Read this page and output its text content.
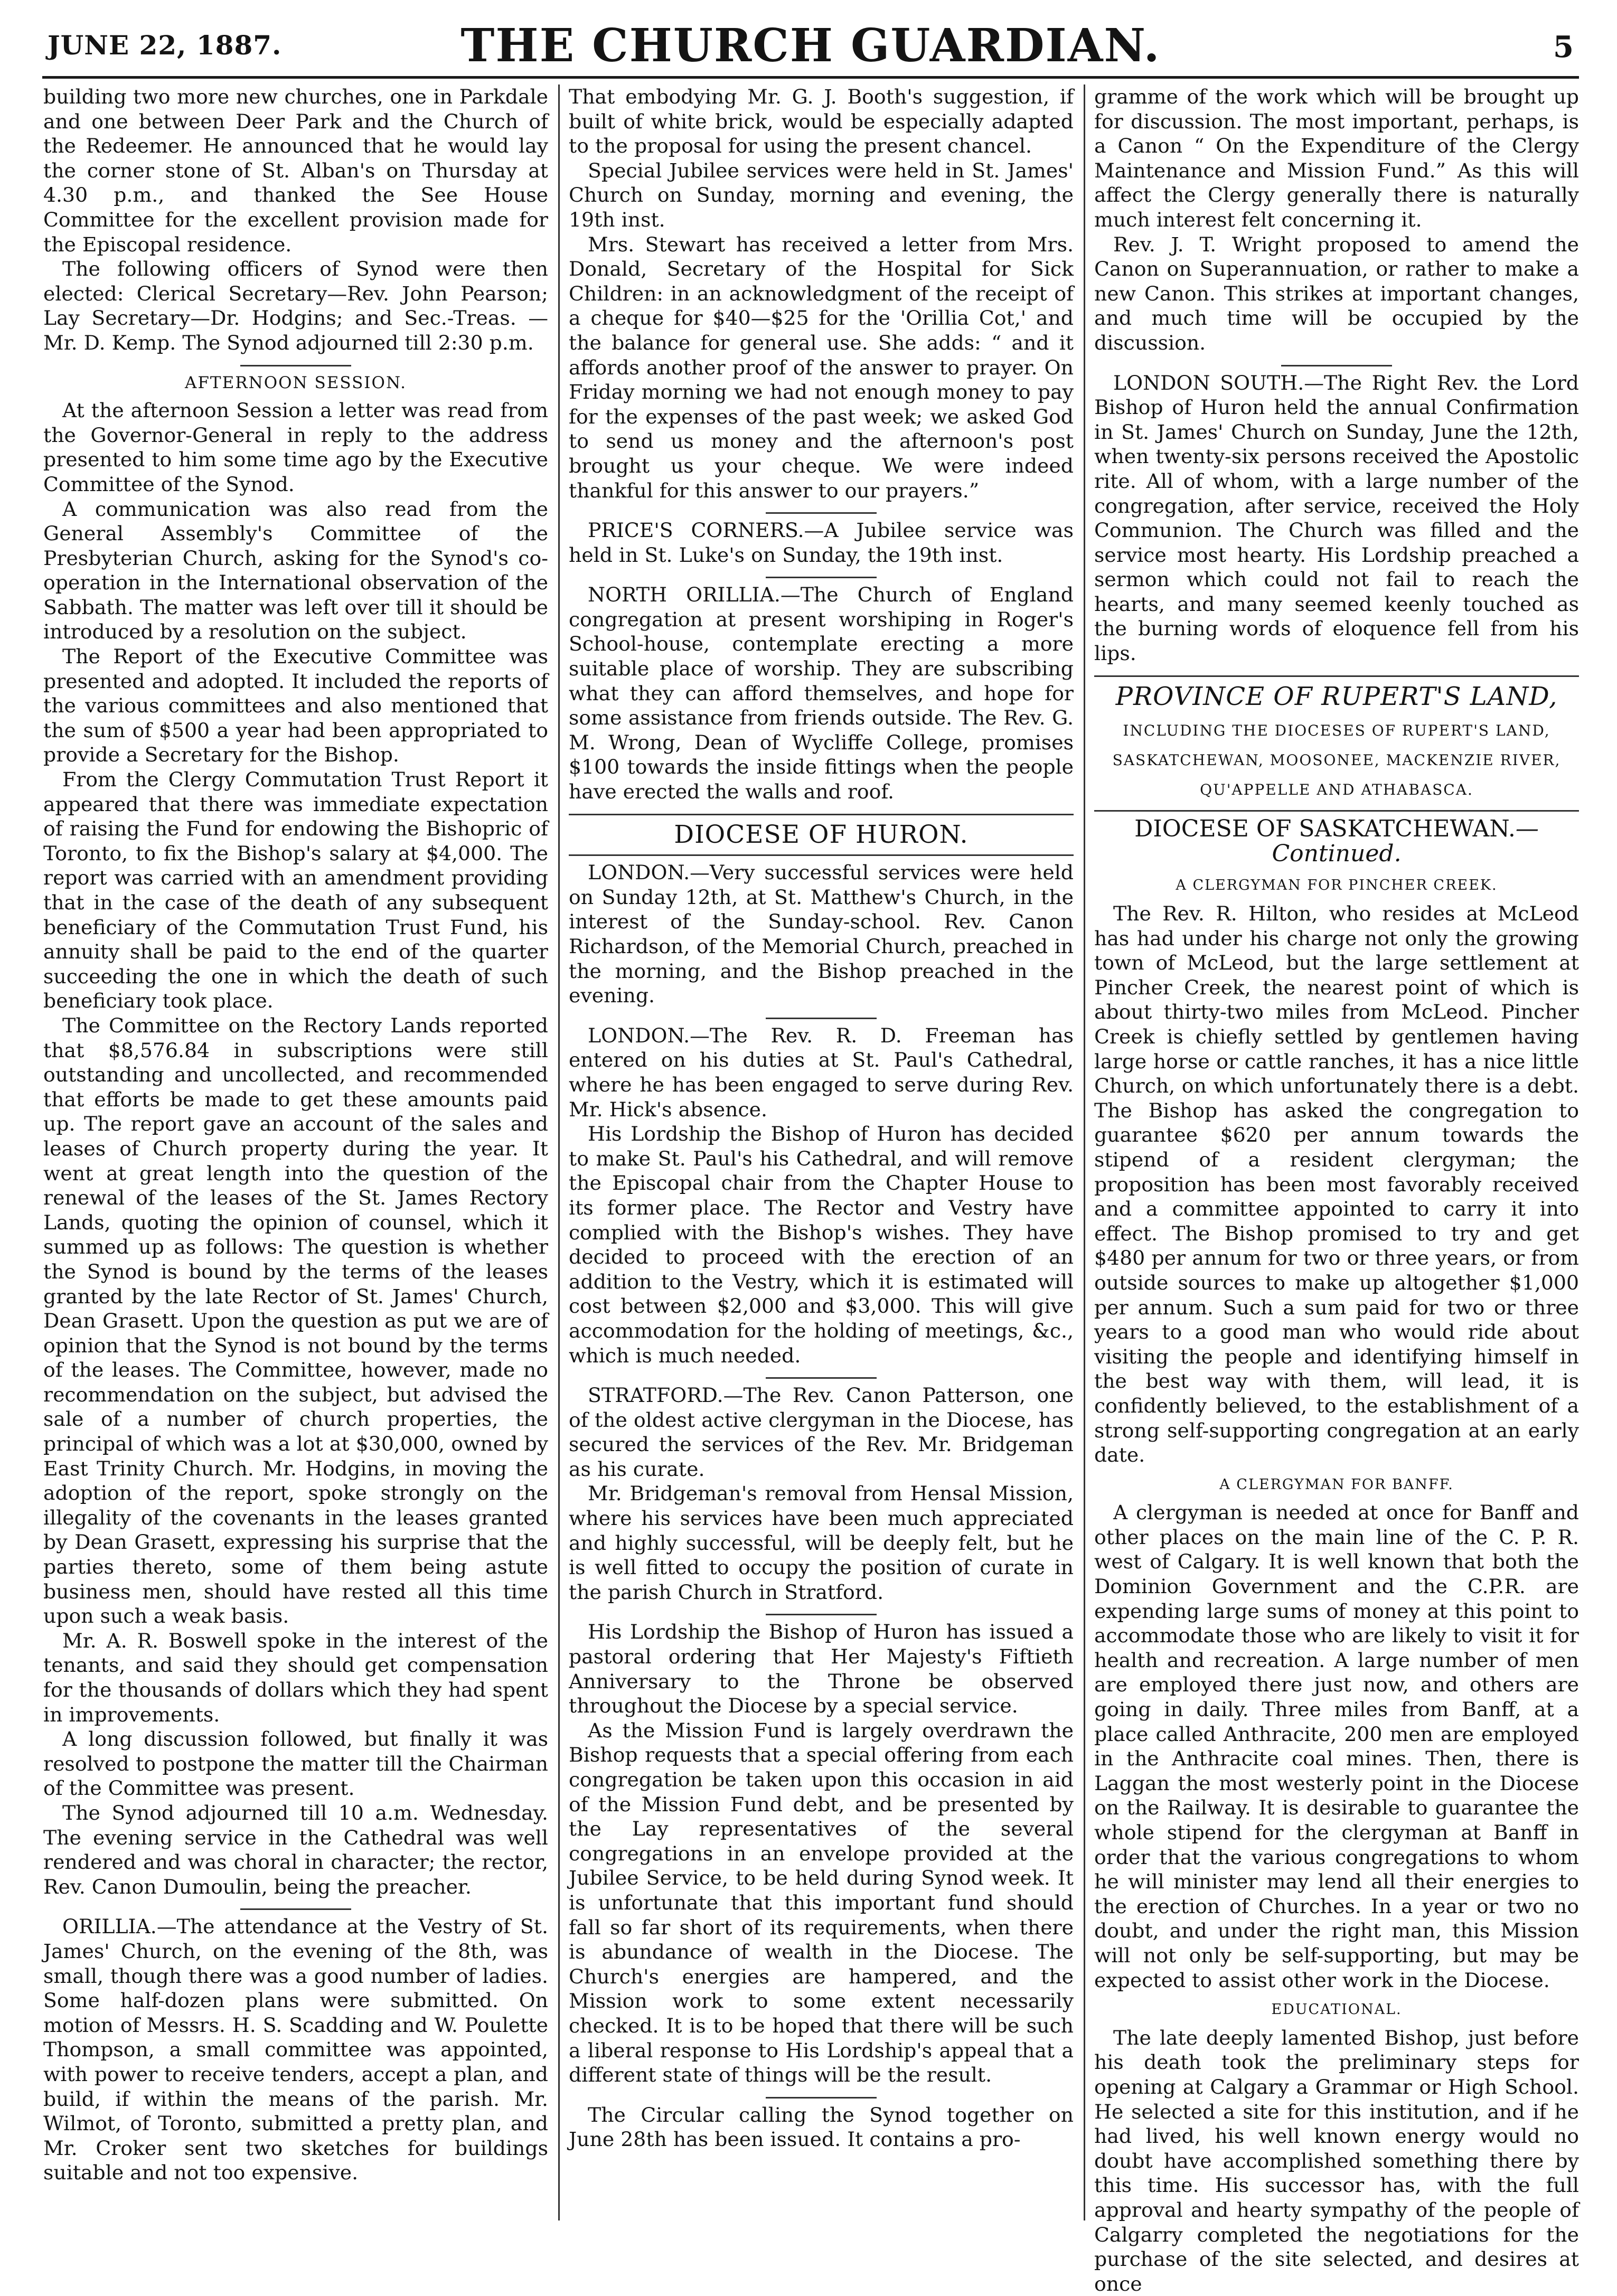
JUNE 22, 1887.	THE CHURCH GUARDIAN.	5

building two more new churches, one in Parkdale and one between Deer Park and the Church of the Redeemer. He announced that he would lay the corner stone of St. Alban's on Thursday at 4.30 p.m., and thanked the See House Committee for the excellent provision made for the Episcopal residence.

The following officers of Synod were then elected: Clerical Secretary—Rev. John Pearson; Lay Secretary—Dr. Hodgins; and Sec.-Treas. —Mr. D. Kemp. The Synod adjourned till 2:30 p.m.

AFTERNOON SESSION.

At the afternoon Session a letter was read from the Governor-General in reply to the address presented to him some time ago by the Executive Committee of the Synod.

A communication was also read from the General Assembly's Committee of the Presbyterian Church, asking for the Synod's co-operation in the International observation of the Sabbath. The matter was left over till it should be introduced by a resolution on the subject.

The Report of the Executive Committee was presented and adopted. It included the reports of the various committees and also mentioned that the sum of $500 a year had been appropriated to provide a Secretary for the Bishop.

From the Clergy Commutation Trust Report it appeared that there was immediate expectation of raising the Fund for endowing the Bishopric of Toronto, to fix the Bishop's salary at $4,000. The report was carried with an amendment providing that in the case of the death of any subsequent beneficiary of the Commutation Trust Fund, his annuity shall be paid to the end of the quarter succeeding the one in which the death of such beneficiary took place.

The Committee on the Rectory Lands reported that $8,576.84 in subscriptions were still outstanding and uncollected, and recommended that efforts be made to get these amounts paid up. The report gave an account of the sales and leases of Church property during the year. It went at great length into the question of the renewal of the leases of the St. James Rectory Lands, quoting the opinion of counsel, which it summed up as follows: The question is whether the Synod is bound by the terms of the leases granted by the late Rector of St. James' Church, Dean Grasett. Upon the question as put we are of opinion that the Synod is not bound by the terms of the leases. The Committee, however, made no recommendation on the subject, but advised the sale of a number of church properties, the principal of which was a lot at $30,000, owned by East Trinity Church. Mr. Hodgins, in moving the adoption of the report, spoke strongly on the illegality of the covenants in the leases granted by Dean Grasett, expressing his surprise that the parties thereto, some of them being astute business men, should have rested all this time upon such a weak basis.

Mr. A. R. Boswell spoke in the interest of the tenants, and said they should get compensation for the thousands of dollars which they had spent in improvements.

A long discussion followed, but finally it was resolved to postpone the matter till the Chairman of the Committee was present.

The Synod adjourned till 10 a.m. Wednesday. The evening service in the Cathedral was well rendered and was choral in character; the rector, Rev. Canon Dumoulin, being the preacher.

ORILLIA.—The attendance at the Vestry of St. James' Church, on the evening of the 8th, was small, though there was a good number of ladies. Some half-dozen plans were submitted. On motion of Messrs. H. S. Scadding and W. Poulette Thompson, a small committee was appointed, with power to receive tenders, accept a plan, and build, if within the means of the parish. Mr. Wilmot, of Toronto, submitted a pretty plan, and Mr. Croker sent two sketches for buildings suitable and not too expensive.

That embodying Mr. G. J. Booth's suggestion, if built of white brick, would be especially adapted to the proposal for using the present chancel.

Special Jubilee services were held in St. James' Church on Sunday, morning and evening, the 19th inst.

Mrs. Stewart has received a letter from Mrs. Donald, Secretary of the Hospital for Sick Children: in an acknowledgment of the receipt of a cheque for $40—$25 for the 'Orillia Cot,' and the balance for general use. She adds: “ and it affords another proof of the answer to prayer. On Friday morning we had not enough money to pay for the expenses of the past week; we asked God to send us money and the afternoon's post brought us your cheque. We were indeed thankful for this answer to our prayers.”

PRICE'S CORNERS.—A Jubilee service was held in St. Luke's on Sunday, the 19th inst.

NORTH ORILLIA.—The Church of England congregation at present worshiping in Roger's School-house, contemplate erecting a more suitable place of worship. They are subscribing what they can afford themselves, and hope for some assistance from friends outside. The Rev. G. M. Wrong, Dean of Wycliffe College, promises $100 towards the inside fittings when the people have erected the walls and roof.

DIOCESE OF HURON.

LONDON.—Very successful services were held on Sunday 12th, at St. Matthew's Church, in the interest of the Sunday-school. Rev. Canon Richardson, of the Memorial Church, preached in the morning, and the Bishop preached in the evening.

LONDON.—The Rev. R. D. Freeman has entered on his duties at St. Paul's Cathedral, where he has been engaged to serve during Rev. Mr. Hick's absence.

His Lordship the Bishop of Huron has decided to make St. Paul's his Cathedral, and will remove the Episcopal chair from the Chapter House to its former place. The Rector and Vestry have complied with the Bishop's wishes. They have decided to proceed with the erection of an addition to the Vestry, which it is estimated will cost between $2,000 and $3,000. This will give accommodation for the holding of meetings, &c., which is much needed.

STRATFORD.—The Rev. Canon Patterson, one of the oldest active clergyman in the Diocese, has secured the services of the Rev. Mr. Bridgeman as his curate.

Mr. Bridgeman's removal from Hensal Mission, where his services have been much appreciated and highly successful, will be deeply felt, but he is well fitted to occupy the position of curate in the parish Church in Stratford.

His Lordship the Bishop of Huron has issued a pastoral ordering that Her Majesty's Fiftieth Anniversary to the Throne be observed throughout the Diocese by a special service.

As the Mission Fund is largely overdrawn the Bishop requests that a special offering from each congregation be taken upon this occasion in aid of the Mission Fund debt, and be presented by the Lay representatives of the several congregations in an envelope provided at the Jubilee Service, to be held during Synod week. It is unfortunate that this important fund should fall so far short of its requirements, when there is abundance of wealth in the Diocese. The Church's energies are hampered, and the Mission work to some extent necessarily checked. It is to be hoped that there will be such a liberal response to His Lordship's appeal that a different state of things will be the result.

The Circular calling the Synod together on June 28th has been issued. It contains a pro-

gramme of the work which will be brought up for discussion. The most important, perhaps, is a Canon “ On the Expenditure of the Clergy Maintenance and Mission Fund.” As this will affect the Clergy generally there is naturally much interest felt concerning it.

Rev. J. T. Wright proposed to amend the Canon on Superannuation, or rather to make a new Canon. This strikes at important changes, and much time will be occupied by the discussion.

LONDON SOUTH.—The Right Rev. the Lord Bishop of Huron held the annual Confirmation in St. James' Church on Sunday, June the 12th, when twenty-six persons received the Apostolic rite. All of whom, with a large number of the congregation, after service, received the Holy Communion. The Church was filled and the service most hearty. His Lordship preached a sermon which could not fail to reach the hearts, and many seemed keenly touched as the burning words of eloquence fell from his lips.

PROVINCE OF RUPERT'S LAND,
INCLUDING THE DIOCESES OF RUPERT'S LAND,
SASKATCHEWAN, MOOSONEE, MACKENZIE RIVER,
QU'APPELLE AND ATHABASCA.
DIOCESE OF SASKATCHEWAN.—Continued.
A CLERGYMAN FOR PINCHER CREEK.

The Rev. R. Hilton, who resides at McLeod has had under his charge not only the growing town of McLeod, but the large settlement at Pincher Creek, the nearest point of which is about thirty-two miles from McLeod. Pincher Creek is chiefly settled by gentlemen having large horse or cattle ranches, it has a nice little Church, on which unfortunately there is a debt. The Bishop has asked the congregation to guarantee $620 per annum towards the stipend of a resident clergyman; the proposition has been most favorably received and a committee appointed to carry it into effect. The Bishop promised to try and get $480 per annum for two or three years, or from outside sources to make up altogether $1,000 per annum. Such a sum paid for two or three years to a good man who would ride about visiting the people and identifying himself in the best way with them, will lead, it is confidently believed, to the establishment of a strong self-supporting congregation at an early date.

A CLERGYMAN FOR BANFF.

A clergyman is needed at once for Banff and other places on the main line of the C. P. R. west of Calgary. It is well known that both the Dominion Government and the C.P.R. are expending large sums of money at this point to accommodate those who are likely to visit it for health and recreation. A large number of men are employed there just now, and others are going in daily. Three miles from Banff, at a place called Anthracite, 200 men are employed in the Anthracite coal mines. Then, there is Laggan the most westerly point in the Diocese on the Railway. It is desirable to guarantee the whole stipend for the clergyman at Banff in order that the various congregations to whom he will minister may lend all their energies to the erection of Churches. In a year or two no doubt, and under the right man, this Mission will not only be self-supporting, but may be expected to assist other work in the Diocese.

EDUCATIONAL.

The late deeply lamented Bishop, just before his death took the preliminary steps for opening at Calgary a Grammar or High School. He selected a site for this institution, and if he had lived, his well known energy would no doubt have accomplished something there by this time. His successor has, with the full approval and hearty sympathy of the people of Calgarry completed the negotiations for the purchase of the site selected, and desires at once
